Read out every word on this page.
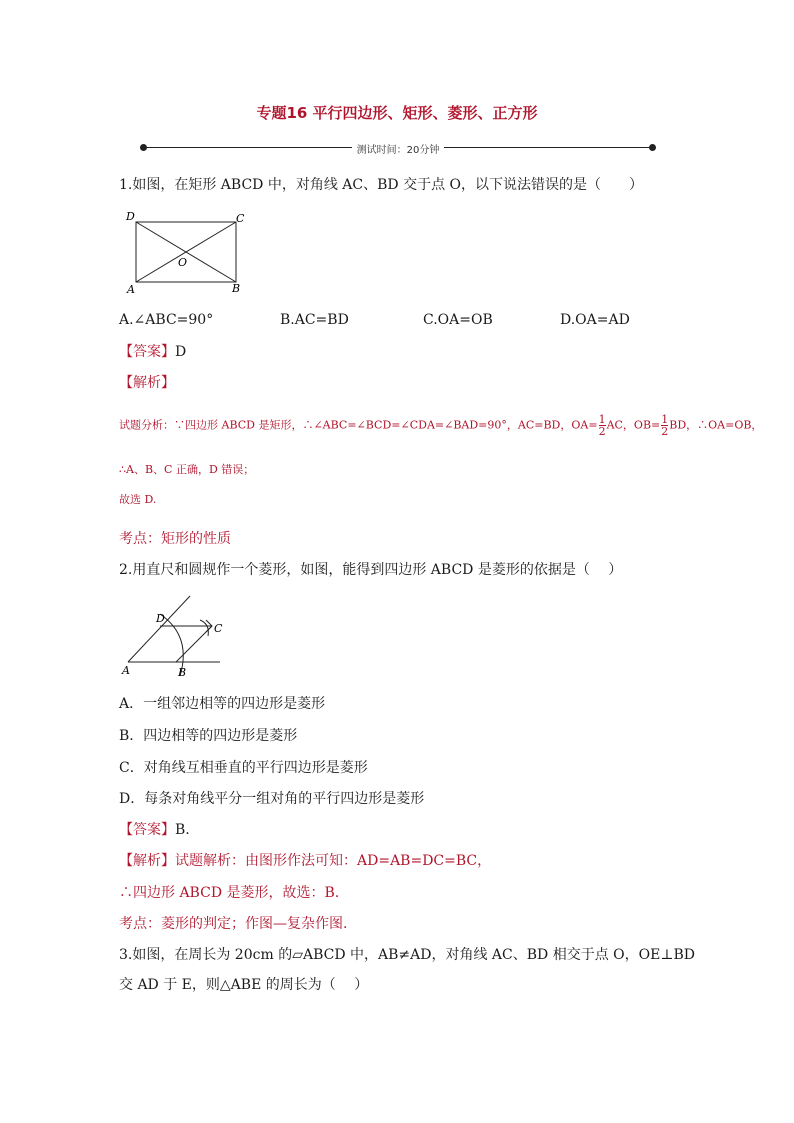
专题16 平行四边形、矩形、菱形、正方形
测试时间：20分钟
1.如图，在矩形 ABCD 中，对角线 AC、BD 交于点 O，以下说法错误的是（　　）
D	C
A	B
O
A.∠ABC=90°	B.AC=BD	C.OA=OB	D.OA=AD
【答案】D
【解析】
试题分析：∵四边形 ABCD 是矩形，∴∠ABC=∠BCD=∠CDA=∠BAD=90°，AC=BD，$OA= \frac{1}{2}$ AC，$OB= \frac{1}{2}$ BD，∴OA=OB，
∴A、B、C 正确，D 错误；
故选 D.
考点：矩形的性质
2.用直尺和圆规作一个菱形，如图，能得到四边形 ABCD 是菱形的依据是（　 ）
D
C
A	B
A．一组邻边相等的四边形是菱形
B．四边相等的四边形是菱形
C．对角线互相垂直的平行四边形是菱形
D．每条对角线平分一组对角的平行四边形是菱形
【答案】B.
【解析】试题解析：由图形作法可知：AD=AB=DC=BC，
∴四边形 ABCD 是菱形，故选：B.
考点：菱形的判定；作图—复杂作图.
3.如图，在周长为 20cm 的▱ABCD 中，AB≠AD，对角线 AC、BD 相交于点 O，OE⊥BD
交 AD 于 E，则△ABE 的周长为（　 ）
